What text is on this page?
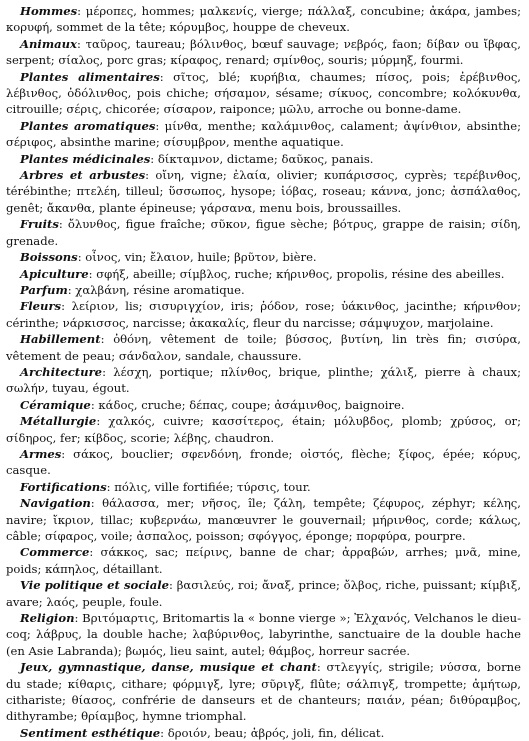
Hommes: μέροπες, hommes; μαλκενίς, vierge; πάλλαξ, concubine; ἀκάρα, jambes; κορυφή, sommet de la tête; κόρυμβος, houppe de cheveux.

Animaux: ταῦρος, taureau; βόλινθος, bœuf sauvage; νεβρός, faon; δίβαν ou ἴβφας, serpent; σίαλος, porc gras; κίραφος, renard; σμίνθος, souris; μύρμηξ, fourmi.

Plantes alimentaires: σῖτος, blé; κυρήβια, chaumes; πίσος, pois; ἐρέβινθος, λέβινθος, ὀδόλινθος, pois chiche; σήσαμον, sésame; σίκυος, concombre; κολόκυνθα, citrouille; σέρις, chicorée; σίσαρον, raiponce; μῶλυ, arroche ou bonne-dame.

Plantes aromatiques: μίνθα, menthe; καλάμινθος, calament; ἀψίνθιον, absinthe; σέριφος, absinthe marine; σίσυμβρον, menthe aquatique.

Plantes médicinales: δίκταμνον, dictame; δαῦκος, panais.

Arbres et arbustes: οἴνη, vigne; ἐλαία, olivier; κυπάρισσος, cyprès; τερέβινθος, térébinthe; πτελέη, tilleul; ὕσσωπος, hysope; ἰόβας, roseau; κάννα, jonc; ἀσπάλαθος, genêt; ἄκανθα, plante épineuse; γάρσανα, menu bois, broussailles.

Fruits: ὄλυνθος, figue fraîche; σῦκον, figue sèche; βότρυς, grappe de raisin; σίδη, grenade.

Boissons: οἶνος, vin; ἔλαιον, huile; βρῦτον, bière.

Apiculture: σφήξ, abeille; σίμβλος, ruche; κήρινθος, propolis, résine des abeilles.

Parfum: χαλβάνη, résine aromatique.

Fleurs: λείριον, lis; σισυριγχίον, iris; ῥόδον, rose; ὑάκινθος, jacinthe; κήρινθον; cérinthe; νάρκισσος, narcisse; ἀκακαλίς, fleur du narcisse; σάμψυχον, marjolaine.

Habillement: ὀθόνη, vêtement de toile; βύσσος, βυτίνη, lin très fin; σισύρα, vêtement de peau; σάνδαλον, sandale, chaussure.

Architecture: λέσχη, portique; πλίνθος, brique, plinthe; χάλιξ, pierre à chaux; σωλήν, tuyau, égout.

Céramique: κάδος, cruche; δέπας, coupe; ἀσάμινθος, baignoire.

Métallurgie: χαλκός, cuivre; κασσίτερος, étain; μόλυβδος, plomb; χρύσος, or; σίδηρος, fer; κίβδος, scorie; λέβης, chaudron.

Armes: σάκος, bouclier; σφενδόνη, fronde; οἰστός, flèche; ξίφος, épée; κόρυς, casque.

Fortifications: πόλις, ville fortifiée; τύρσις, tour.

Navigation: θάλασσα, mer; νῆσος, île; ζάλη, tempête; ζέφυρος, zéphyr; κέλης, navire; ἴκριον, tillac; κυβερνάω, manœuvrer le gouvernail; μήρινθος, corde; κάλως, câble; σίφαρος, voile; ἀσπαλος, poisson; σφόγγος, éponge; πορφύρα, pourpre.

Commerce: σάκκος, sac; πείρινς, banne de char; ἀρραβών, arrhes; μνᾶ, mine, poids; κάπηλος, détaillant.

Vie politique et sociale: βασιλεύς, roi; ἄναξ, prince; ὄλβος, riche, puissant; κίμβιξ, avare; λαός, peuple, foule.

Religion: Βριτόμαρτις, Britomartis la « bonne vierge »; Ἐλχανός, Velchanos le dieu-coq; λάβρυς, la double hache; λαβύρινθος, labyrinthe, sanctuaire de la double hache (en Asie Labranda); βωμός, lieu saint, autel; θάμβος, horreur sacrée.

Jeux, gymnastique, danse, musique et chant: στλεγγίς, strigile; νύσσα, borne du stade; κίθαρις, cithare; φόρμιγξ, lyre; σῦριγξ, flûte; σάλπιγξ, trompette; ἀμήτωρ, cithariste; θίασος, confrérie de danseurs et de chanteurs; παιάν, péan; διθύραμβος, dithyrambe; θρίαμβος, hymne triomphal.

Sentiment esthétique: δροιόν, beau; ἁβρός, joli, fin, délicat.
